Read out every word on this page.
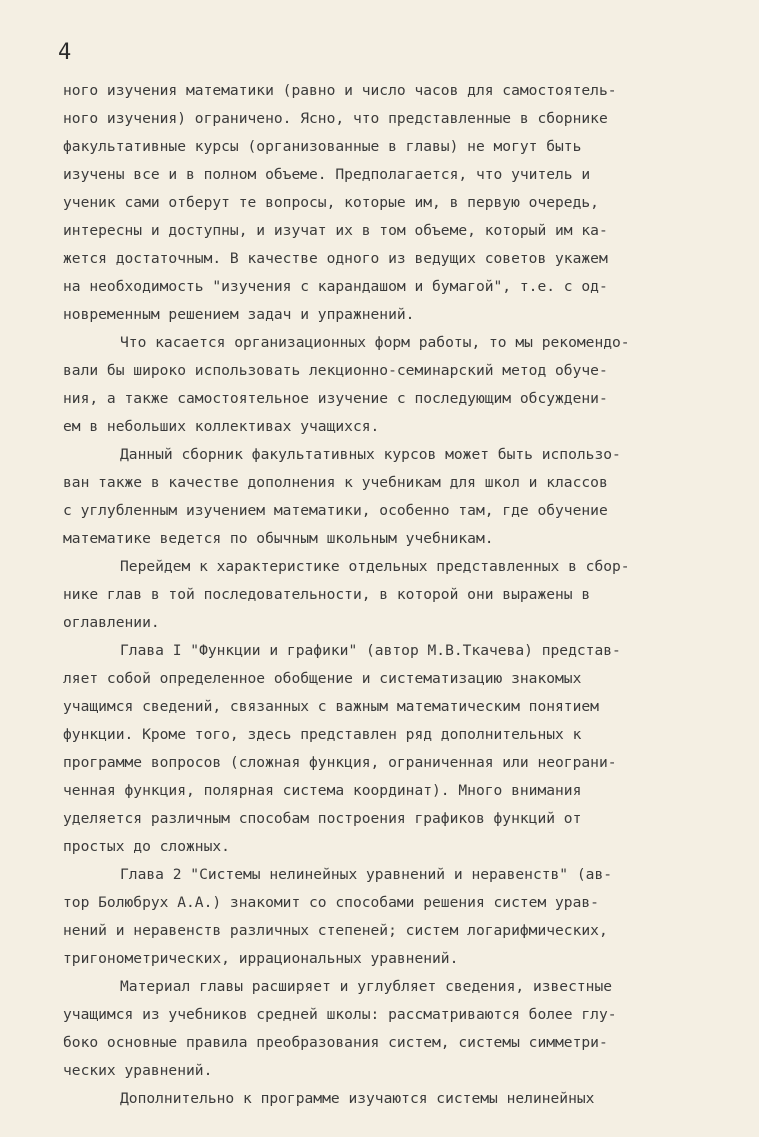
4
ного изучения математики (равно и число часов для самостоятель-
ного изучения) ограничено. Ясно, что представленные в сборнике
факультативные курсы (организованные в главы) не могут быть
изучены все и в полном объеме. Предполагается, что учитель и
ученик сами отберут те вопросы, которые им, в первую очередь,
интересны и доступны, и изучат их в том объеме, который им ка-
жется достаточным. В качестве одного из ведущих советов укажем
на необходимость "изучения с карандашом и бумагой", т.е. с од-
новременным решением задач и упражнений.
Что касается организационных форм работы, то мы рекомендо-
вали бы широко использовать лекционно-семинарский метод обуче-
ния, а также самостоятельное изучение с последующим обсуждени-
ем в небольших коллективах учащихся.
Данный сборник факультативных курсов может быть использо-
ван также в качестве дополнения к учебникам для школ и классов
с углубленным изучением математики, особенно там, где обучение
математике ведется по обычным школьным учебникам.
Перейдем к характеристике отдельных представленных в сбор-
нике глав в той последовательности, в которой они выражены в
оглавлении.
Глава I "Функции и графики" (автор М.В.Ткачева) представ-
ляет собой определенное обобщение и систематизацию знакомых
учащимся сведений, связанных с важным математическим понятием
функции. Кроме того, здесь представлен ряд дополнительных к
программе вопросов (сложная функция, ограниченная или неограни-
ченная функция, полярная система координат). Много внимания
уделяется различным способам построения графиков функций от
простых до сложных.
Глава 2 "Системы нелинейных уравнений и неравенств" (ав-
тор Болюбрух А.А.) знакомит со способами решения систем урав-
нений и неравенств различных степеней; систем логарифмических,
тригонометрических, иррациональных уравнений.
Материал главы расширяет и углубляет сведения, известные
учащимся из учебников средней школы: рассматриваются более глу-
боко основные правила преобразования систем, системы симметри-
ческих уравнений.
Дополнительно к программе изучаются системы нелинейных
